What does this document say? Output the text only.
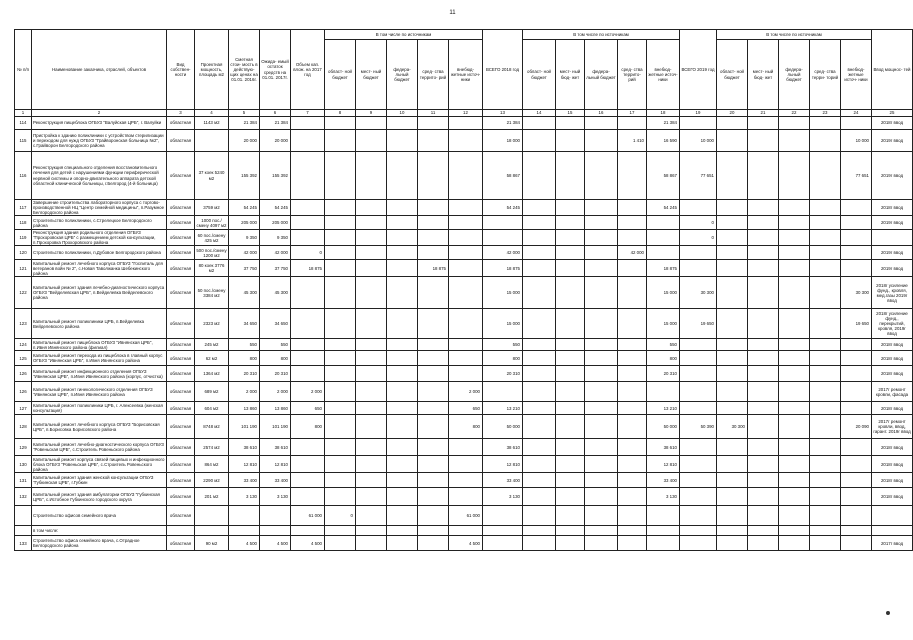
11
№ п/п	Наименование заказчика, отраслей, объектов	Вид собствен- ности	Проектная мощность, площадь м2	Сметная стои- мость в действую- щих ценах на 01.01. 2016г.	Ожида- емый остаток средств на 01.01. 2017г.	Объем кап. влож. на 2017 год	В том числе по источникам					ВСЕГО 2018 год	В том числе по источникам					ВСЕГО 2019 год	В том числе по источникам					Ввод мощнос- тей
							област- ной бюджет	мест- ный бюджет	федера- льный бюджет	сред- ства террито- рий	внебюд- жетные источ- ники		област- ной бюджет	мест- ный бюд- жет	федера- льный бюджет	сред- ства террито- рий	внебюд- жетные источ- ники		област- ной бюджет	мест- ный бюд- жет	федера- льный бюджет	сред- ства терри- торий	внебюд- жетные источ- ники	
1	2	3	4	5	6	7	8	9	10	11	12	13	14	15	16	17	18	19	20	21	22	23	24	25
114	Реконструкция пищеблока ОГБУЗ "Валуйская ЦРБ", г. Валуйки	областная	1143 м2	21 384	21 384							21 384					21 384							2018г ввод
115	Пристройка к зданию поликлиники с устройством стерилизации и переходом для нужд ОГБУЗ "Грайворонская больница №2", с.Грайворон Белгородского района	областная		20 000	20 000							18 000				1 410	16 590	10 000					10 000	2019г ввод
116	Реконструкция специального отделения восстановительного лечения для детей с нарушениями функции периферической нервной системы и опорно-двигательного аппарата детской областной клинической больницы, г.Белгород (4-й больница)	областная	37 коек 5240 м2	155 392	155 392							58 867					58 867	77 651					77 651	2019г ввод
117	Завершение строительства лабораторного корпуса с торгово-производственной НЦ "Центр семейной медицины", п.Разумное Белгородского района	областная	3759 м2	54 245	54 245							54 245					54 245							2018г ввод
118	Строительство поликлиники, с.Стрелецкое Белгородского района	областная	1000 пос./смену 4097 м2	205 000	205 000													0						2019г ввод
119	Реконструкция здания родильного отделения ОГБУЗ "Прохоровская ЦРБ" с размещением детской консультации, п.Прохоровка Прохоровского района	областная	60 пос./смену 425 м2	9 350	9 350													0						
120	Строительство поликлиники, п.Дубовое Белгородского района	областная	500 пос./смену 1200 м2	42 000	42 000	0						42 000				42 000								2019г ввод
121	Капитальный ремонт лечебного корпуса ОГБУЗ "Госпиталь для ветеранов войн № 2", с.Новая Таволжанка Шебекинского района	областная	80 коек 3776 м2	37 750	37 750	18 875				18 875		18 875					18 875							2019г ввод
122	Капитальный ремонт здания лечебно-диагностического корпуса ОГБУЗ "Вейделевская ЦРБ", п.Вейделевка Вейделевского района	областная	50 пос./смену 3384 м2	45 300	45 300							15 000					15 000	30 300					30 300	2018г усиление фунд., кровля, мед.газы 2019г ввод
123	Капитальный ремонт поликлиники ЦРБ, п.Вейделевка Вейделевского района	областная	2323 м2	34 650	34 650							15 000					15 000	19 650					19 650	2018г усиление фунд., перекрытий, кровля, 2019г ввод
124	Капитальный ремонт пищеблока ОГБУЗ "Ивнянская ЦРБ", п.Ивня Ивнянского района (филиал)	областная	245 м2	550	550							550					550							2018г ввод
125	Капитальный ремонт перехода из пищеблока в главный корпус ОГБУЗ "Ивнянская ЦРБ", п.Ивня Ивнянского района	областная	62 м2	800	800							800					800							2018г ввод
126	Капитальный ремонт инфекционного отделения ОГБУЗ "Ивнянская ЦРБ", п.Ивня Ивнянского района (корпус, отчистка)	областная	1364 м2	20 310	20 310							20 310					20 310							2018г ввод
126	Капитальный ремонт гинекологического отделения ОГБУЗ "Ивнянская ЦРБ", п.Ивня Ивнянского района	областная	689 м2	2 000	2 000	2 000					2 000													2017г ремонт кровли, фасада
127	Капитальный ремонт поликлиники ЦРБ, г. Алексеевка (женская консультация)	областная	604 м2	13 860	13 860	650					650	13 210					13 210							2018г ввод
128	Капитальный ремонт лечебного корпуса ОГБУЗ "Борисовская ЦРБ", п.Борисовка Борисовского района	областная	8748 м2	101 190	101 190	800					800	50 000					50 000	50 390	30 300				20 090	2017г ремонт кровли, ввод, гарант. 2019г ввод
129	Капитальный ремонт лечебно-диагностического корпуса ОГБУЗ "Ровеньская ЦРБ", с.Строитель Ровеньского района	областная	2574 м2	38 610	38 610							38 610					38 610							2018г ввод
130	Капитальный ремонт корпуса связей пищевых и инфекционного блока ОГБУЗ "Ровеньская ЦРБ", с.Строитель Ровеньского района	областная	864 м2	12 810	12 810							12 810					12 810							2018г ввод
131	Капитальный ремонт здания женской консультации ОГБУЗ "Губкинская ЦРБ", г.Губкин	областная	2290 м2	33 400	33 400							33 400					33 400							2018г ввод
132	Капитальный ремонт здания амбулатории ОГБУЗ "Губкинская ЦРБ", с.Истобное Губкинского городского округа	областная	201 м2	3 130	3 130							3 130					3 130							2018г ввод
	Строительство офисов семейного врача	областная				61 000	0				61 000													
	в том числе:																							
133	Строительство офиса семейного врача, с.Отрадное Белгородского района	областная	90 м2	4 500	4 500	4 500					4 500													2017г ввод
